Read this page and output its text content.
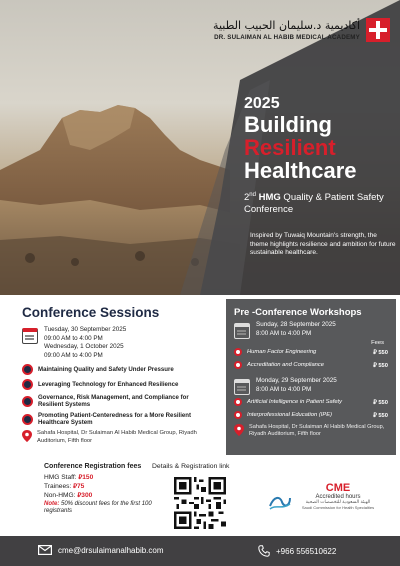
أكاديمية د.سليمان الحبيب الطبية
DR. SULAIMAN AL HABIB MEDICAL ACADEMY
2025
Building
Resilient
Healthcare
2nd HMG Quality & Patient Safety Conference
Inspired by Tuwaiq Mountain's strength, the theme highlights resilience and ambition for future sustainable healthcare.
Conference Sessions
Tuesday, 30 September 2025
09:00 AM to 4:00 PM
Wednesday, 1 October 2025
09:00 AM to 4:00 PM
Maintaining Quality and Safety Under Pressure
Leveraging Technology for Enhanced Resilience
Governance, Risk Management, and Compliance for Resilient Systems
Promoting Patient-Centeredness for a More Resilient Healthcare System
Sahafa Hospital, Dr Sulaiman Al Habib Medical Group, Riyadh Auditorium, Fifth floor
Pre -Conference Workshops
Sunday, 28 September 2025
8:00 AM to 4:00 PM
Fees
Human Factor Engineering	⃁ 550
Accreditation and Compliance	⃁ 550
Monday, 29 September 2025
8:00 AM to 4:00 PM
Artificial Intelligence in Patient Safety	⃁ 550
Interprofessional Education (IPE)	⃁ 550
Sahafa Hospital, Dr Sulaiman Al Habib Medical Group, Riyadh Auditorium, Fifth floor
Conference Registration fees
HMG Staff: ⃁150
Trainees: ⃁75
Non-HMG: ⃁300
Note: 50% discount fees for the first 100 registrants
Details & Registration link
CME
Accredited hours
الهيئة السعودية للتخصصات الصحية
Saudi Commission for Health Specialties
cme@drsulaimanalhabib.com	+966 556510622
